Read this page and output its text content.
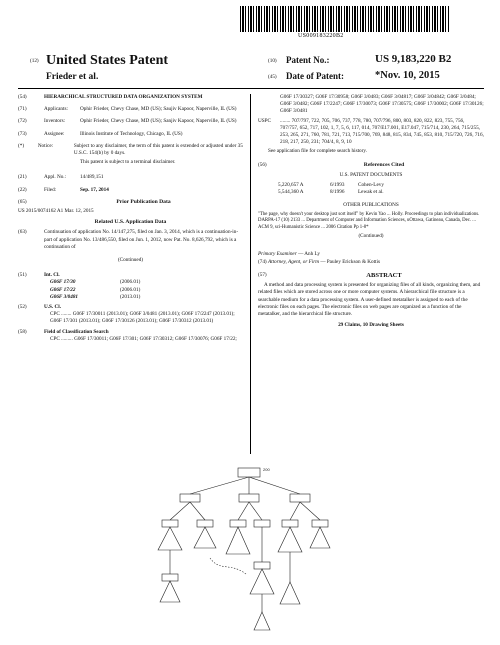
US009183220B2
(12) United States Patent
Frieder et al.
(10) Patent No.:	US 9,183,220 B2
(45) Date of Patent:	*Nov. 10, 2015
(54)	HIERARCHICAL STRUCTURED DATA ORGANIZATION SYSTEM
(71)	Applicants:	Ophir Frieder, Chevy Chase, MD (US); Saujiv Kapoor, Naperville, IL (US)
(72)	Inventors:	Ophir Frieder, Chevy Chase, MD (US); Sanjiv Kapoor, Naperville, IL (US)
(73)	Assignee:	Illinois Institute of Technology, Chicago, IL (US)
(*)	Notice:	Subject to any disclaimer, the term of this patent is extended or adjusted under 35 U.S.C. 154(b) by 0 days.
This patent is subject to a terminal disclaimer.
(21)	Appl. No.:	14/489,151
(22)	Filed:	Sep. 17, 2014
(65)	Prior Publication Data
US 2015/0074162 A1 Mar. 12, 2015
Related U.S. Application Data
(63)	Continuation of application No. 14/147,275, filed on Jan. 3, 2014, which is a continuation-in-part of application No. 13/486,550, filed on Jun. 1, 2012, now Pat. No. 8,626,792, which is a continuation of
(Continued)
(51)	Int. Cl.
G06F 17/30	(2006.01)
G06F 17/22	(2006.01)
G06F 3/0481	(2013.01)
(52)	U.S. Cl.
CPC ........ G06F 17/30011 (2013.01); G06F 3/0481 (2013.01); G06F 17/2247 (2013.01); G06F 17/301 (2013.01); G06F 17/30126 (2013.01); G06F 17/30312 (2013.01)
(58)	Field of Classification Search
CPC ......... G06F 17/30011; G06F 17/301; G06F 17/30312; G06F 17/30076; G06F 17/22;
G06F 17/30327; G06F 17/30958; G06F 3/0483; G06F 3/04817; G06F 3/04842; G06F 3/0484; G06F 3/0482; G06F 17/2247; G06F 17/30073; G06F 17/30575; G06F 17/30002; G06F 17/30126; G06F 3/0481
USPC	........ 707/797, 722, 705, 706, 737, 778, 780, 707/796, 800, 803, 820, 822, 823, 755, 756, 707/757, 652, 717, 102, 1, 7, 5, 6, 117, 014, 707/E17.001, E17.047, 715/714, 230, 264, 715/255, 253, 265, 271, 760, 781, 721, 713, 715/700, 769, 848, 815, 834, 745, 853, 810, 715/720, 726, 716, 218, 217, 250, 231; 704/4, 8, 9, 10
See application file for complete search history.
(56)	References Cited
U.S. PATENT DOCUMENTS
5,220,657 A	6/1993	Cohen-Levy
5,544,360 A	8/1996	Lewak et al.
OTHER PUBLICATIONS
"The page, why doesn't your desktop just sort itself" by Kevin Yao ... Holly. Proceedings to plan individualizations. DARPA-17 (10) 2133 ... Department of Computer and Information Sciences, uOttawa, Gatineau, Canada, Dec. ... ACM 9, sci-Humanistic Science ... 2006 Citation Pp 1-8*
(Continued)
Primary Examiner — Anh Ly
(74) Attorney, Agent, or Firm — Pauley Erickson & Kottis
(57)	ABSTRACT
A method and data processing system is presented for organizing files of all kinds, organizing them, and related files which are stored across one or more computer systems. A hierarchical file structure is a searchable medium for a data processing system. A user-defined metatalker is assigned to each of the electronic files on each pages. The electronic files on web pages are organized as a function of the metatalker, and the hierarchical file structure.
29 Claims, 10 Drawing Sheets
200
